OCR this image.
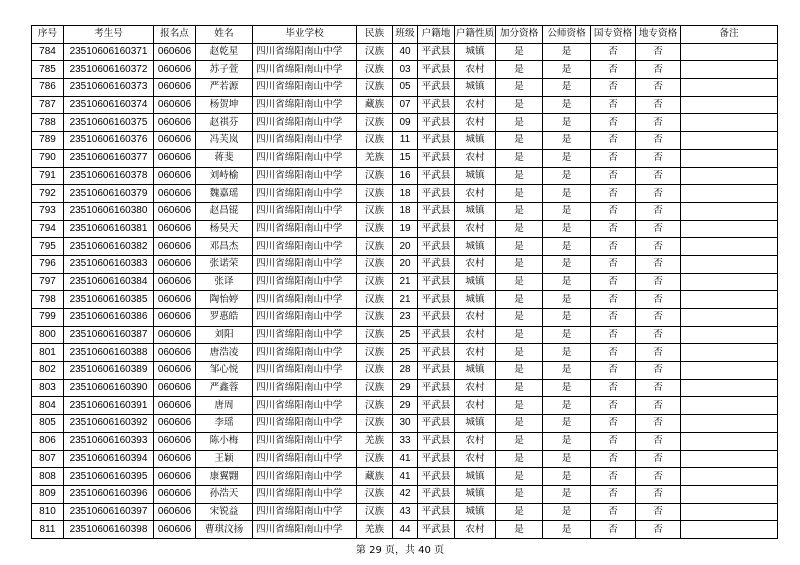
序号	考生号	报名点	姓名	毕业学校	民族	班级	户籍地	户籍性质	加分资格	公师资格	国专资格	地专资格	备注
784	23510606160371	060606	赵乾星	四川省绵阳南山中学	汉族	40	平武县	城镇	是	是	否	否	
785	23510606160372	060606	苏子萱	四川省绵阳南山中学	汉族	03	平武县	农村	是	是	否	否	
786	23510606160373	060606	严若源	四川省绵阳南山中学	汉族	05	平武县	城镇	是	是	否	否	
787	23510606160374	060606	杨贺坤	四川省绵阳南山中学	藏族	07	平武县	农村	是	是	否	否	
788	23510606160375	060606	赵祺芬	四川省绵阳南山中学	汉族	09	平武县	农村	是	是	否	否	
789	23510606160376	060606	冯芙岚	四川省绵阳南山中学	汉族	11	平武县	城镇	是	是	否	否	
790	23510606160377	060606	蒋斐	四川省绵阳南山中学	羌族	15	平武县	农村	是	是	否	否	
791	23510606160378	060606	刘峙榆	四川省绵阳南山中学	汉族	16	平武县	城镇	是	是	否	否	
792	23510606160379	060606	魏嘉瑶	四川省绵阳南山中学	汉族	18	平武县	农村	是	是	否	否	
793	23510606160380	060606	赵昌锟	四川省绵阳南山中学	汉族	18	平武县	城镇	是	是	否	否	
794	23510606160381	060606	杨昊天	四川省绵阳南山中学	汉族	19	平武县	农村	是	是	否	否	
795	23510606160382	060606	邓昌杰	四川省绵阳南山中学	汉族	20	平武县	城镇	是	是	否	否	
796	23510606160383	060606	张诺荣	四川省绵阳南山中学	汉族	20	平武县	农村	是	是	否	否	
797	23510606160384	060606	张译	四川省绵阳南山中学	汉族	21	平武县	城镇	是	是	否	否	
798	23510606160385	060606	陶怡婷	四川省绵阳南山中学	汉族	21	平武县	城镇	是	是	否	否	
799	23510606160386	060606	罗惠皓	四川省绵阳南山中学	汉族	23	平武县	农村	是	是	否	否	
800	23510606160387	060606	刘阳	四川省绵阳南山中学	汉族	25	平武县	农村	是	是	否	否	
801	23510606160388	060606	唐浩凌	四川省绵阳南山中学	汉族	25	平武县	农村	是	是	否	否	
802	23510606160389	060606	邹心悦	四川省绵阳南山中学	汉族	28	平武县	城镇	是	是	否	否	
803	23510606160390	060606	严鑫蓉	四川省绵阳南山中学	汉族	29	平武县	农村	是	是	否	否	
804	23510606160391	060606	唐周	四川省绵阳南山中学	汉族	29	平武县	农村	是	是	否	否	
805	23510606160392	060606	李瑶	四川省绵阳南山中学	汉族	30	平武县	城镇	是	是	否	否	
806	23510606160393	060606	陈小梅	四川省绵阳南山中学	羌族	33	平武县	农村	是	是	否	否	
807	23510606160394	060606	王颖	四川省绵阳南山中学	汉族	41	平武县	农村	是	是	否	否	
808	23510606160395	060606	康翼翾	四川省绵阳南山中学	藏族	41	平武县	城镇	是	是	否	否	
809	23510606160396	060606	孙浩天	四川省绵阳南山中学	汉族	42	平武县	城镇	是	是	否	否	
810	23510606160397	060606	宋锐益	四川省绵阳南山中学	汉族	43	平武县	城镇	是	是	否	否	
811	23510606160398	060606	曹琪汶扬	四川省绵阳南山中学	羌族	44	平武县	农村	是	是	否	否	
第 29 页，共 40 页
